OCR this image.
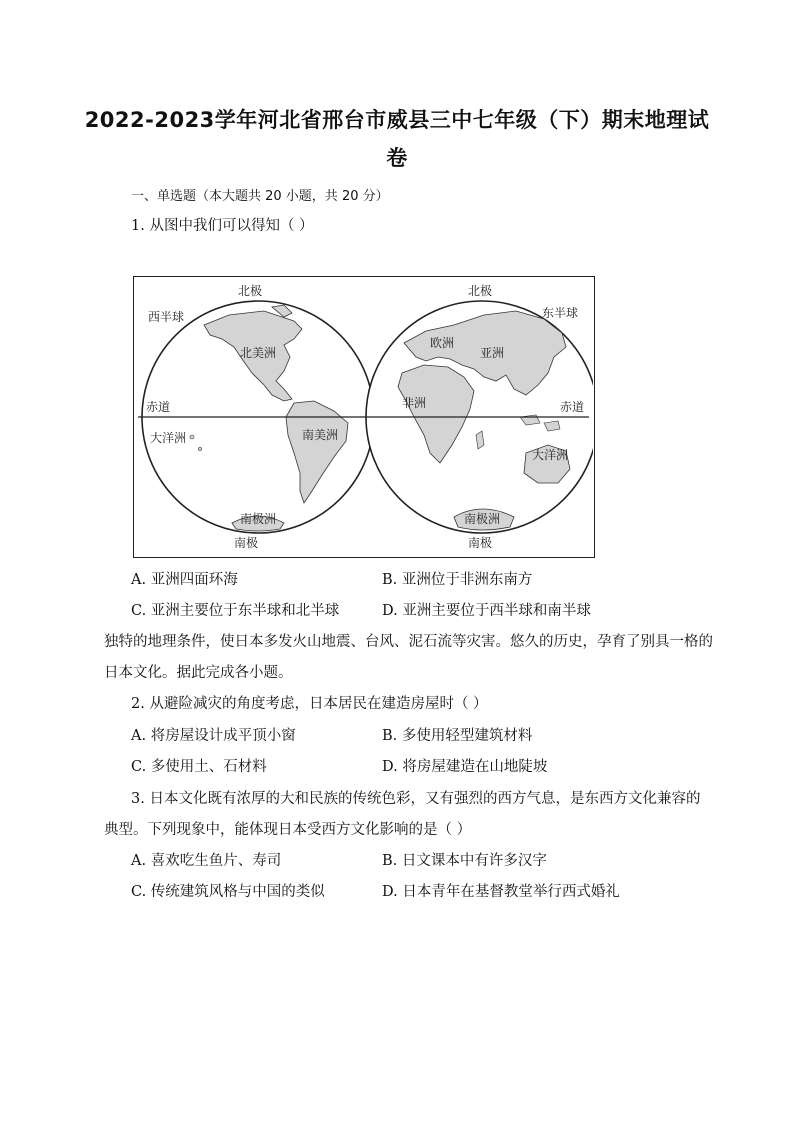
2022-2023学年河北省邢台市威县三中七年级（下）期末地理试
卷
一、单选题（本大题共 20 小题，共 20 分）
1. 从图中我们可以得知（ ）
北极	北极
西半球	东半球
北美洲
南美洲
欧洲
亚洲
非洲
大洋洲
大洋洲
南极洲	南极洲
赤道	赤道
南极	南极
A. 亚洲四面环海	B. 亚洲位于非洲东南方
C. 亚洲主要位于东半球和北半球	D. 亚洲主要位于西半球和南半球
独特的地理条件，使日本多发火山地震、台风、泥石流等灾害。悠久的历史，孕育了别具一格的
日本文化。据此完成各小题。
2. 从避险减灾的角度考虑，日本居民在建造房屋时（ ）
A. 将房屋设计成平顶小窗	B. 多使用轻型建筑材料
C. 多使用土、石材料	D. 将房屋建造在山地陡坡
3. 日本文化既有浓厚的大和民族的传统色彩，又有强烈的西方气息，是东西方文化兼容的
典型。下列现象中，能体现日本受西方文化影响的是（ ）
A. 喜欢吃生鱼片、寿司	B. 日文课本中有许多汉字
C. 传统建筑风格与中国的类似	D. 日本青年在基督教堂举行西式婚礼
